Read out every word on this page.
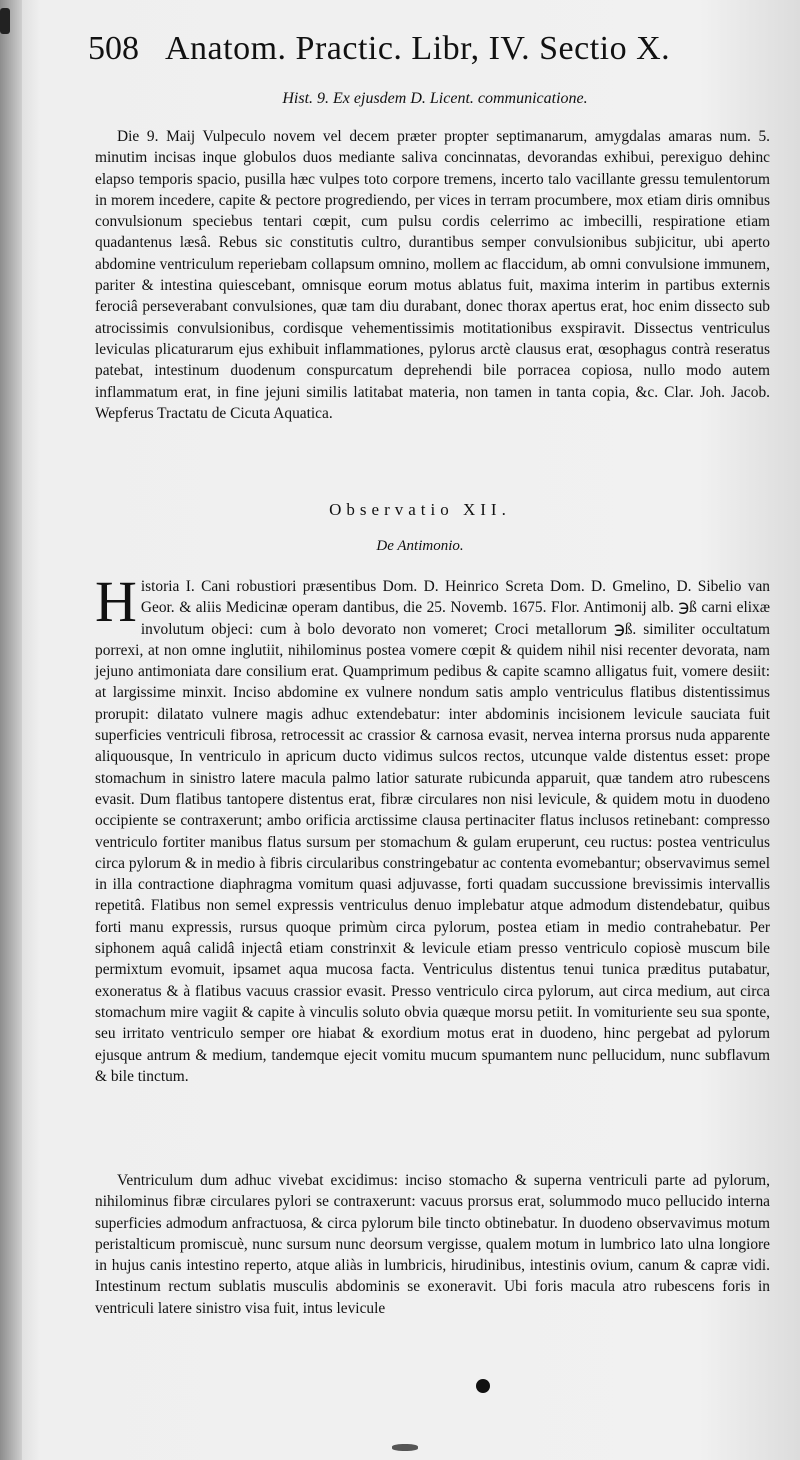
508 Anatom. Practic. Libr, IV. Sectio X.
Hist. 9. Ex ejusdem D. Licent. communicatione.
Die 9. Maij Vulpeculo novem vel decem præter propter septimanarum, amygdalas amaras num. 5. minutim incisas inque globulos duos mediante saliva concinnatas, devorandas exhibui, perexiguo dehinc elapso temporis spacio, pusilla hæc vulpes toto corpore tremens, incerto talo vacillante gressu temulentorum in morem incedere, capite & pectore progrediendo, per vices in terram procumbere, mox etiam diris omnibus convulsionum speciebus tentari cœpit, cum pulsu cordis celerrimo ac imbecilli, respiratione etiam quadantenus læsâ. Rebus sic constitutis cultro, durantibus semper convulsionibus subjicitur, ubi aperto abdomine ventriculum reperiebam collapsum omnino, mollem ac flaccidum, ab omni convulsione immunem, pariter & intestina quiescebant, omnisque eorum motus ablatus fuit, maxima interim in partibus externis ferociâ perseverabant convulsiones, quæ tam diu durabant, donec thorax apertus erat, hoc enim dissecto sub atrocissimis convulsionibus, cordisque vehementissimis motitationibus exspiravit. Dissectus ventriculus leviculas plicaturarum ejus exhibuit inflammationes, pylorus arctè clausus erat, œsophagus contrà reseratus patebat, intestinum duodenum conspurcatum deprehendi bile porracea copiosa, nullo modo autem inflammatum erat, in fine jejuni similis latitabat materia, non tamen in tanta copia, &c. Clar. Joh. Jacob. Wepferus Tractatu de Cicuta Aquatica.
Observatio XII.
De Antimonio.
H istoria I. Cani robustiori præsentibus Dom. D. Heinrico Screta Dom. D. Gmelino, D. Sibelio van Geor. & aliis Medicinæ operam dantibus, die 25. Novemb. 1675. Flor. Antimonij alb. ℈ß carni elixæ involutum objeci: cum à bolo devorato non vomeret; Croci metallorum ℈ß. similiter occultatum porrexi, at non omne inglutiit, nihilominus postea vomere cœpit & quidem nihil nisi recenter devorata, nam jejuno antimoniata dare consilium erat. Quamprimum pedibus & capite scamno alligatus fuit, vomere desiit: at largissime minxit. Inciso abdomine ex vulnere nondum satis amplo ventriculus flatibus distentissimus prorupit: dilatato vulnere magis adhuc extendebatur: inter abdominis incisionem levicule sauciata fuit superficies ventriculi fibrosa, retrocessit ac crassior & carnosa evasit, nervea interna prorsus nuda apparente aliquousque, In ventriculo in apricum ducto vidimus sulcos rectos, utcunque valde distentus esset: prope stomachum in sinistro latere macula palmo latior saturate rubicunda apparuit, quæ tandem atro rubescens evasit. Dum flatibus tantopere distentus erat, fibræ circulares non nisi levicule, & quidem motu in duodeno occipiente se contraxerunt; ambo orificia arctissime clausa pertinaciter flatus inclusos retinebant: compresso ventriculo fortiter manibus flatus sursum per stomachum & gulam eruperunt, ceu ructus: postea ventriculus circa pylorum & in medio à fibris circularibus constringebatur ac contenta evomebantur; observavimus semel in illa contractione diaphragma vomitum quasi adjuvasse, forti quadam succussione brevissimis intervallis repetitâ. Flatibus non semel expressis ventriculus denuo implebatur atque admodum distendebatur, quibus forti manu expressis, rursus quoque primùm circa pylorum, postea etiam in medio contrahebatur. Per siphonem aquâ calidâ injectâ etiam constrinxit & levicule etiam presso ventriculo copiosè muscum bile permixtum evomuit, ipsamet aqua mucosa facta. Ventriculus distentus tenui tunica præditus putabatur, exoneratus & à flatibus vacuus crassior evasit. Presso ventriculo circa pylorum, aut circa medium, aut circa stomachum mire vagiit & capite à vinculis soluto obvia quæque morsu petiit. In vomituriente seu sua sponte, seu irritato ventriculo semper ore hiabat & exordium motus erat in duodeno, hinc pergebat ad pylorum ejusque antrum & medium, tandemque ejecit vomitu mucum spumantem nunc pellucidum, nunc subflavum & bile tinctum.
Ventriculum dum adhuc vivebat excidimus: inciso stomacho & superna ventriculi parte ad pylorum, nihilominus fibræ circulares pylori se contraxerunt: vacuus prorsus erat, solummodo muco pellucido interna superficies admodum anfractuosa, & circa pylorum bile tincto obtinebatur. In duodeno observavimus motum peristalticum promiscuè, nunc sursum nunc deorsum vergisse, qualem motum in lumbrico lato ulna longiore in hujus canis intestino reperto, atque aliàs in lumbricis, hirudinibus, intestinis ovium, canum & capræ vidi. Intestinum rectum sublatis musculis abdominis se exoneravit. Ubi foris macula atro rubescens foris in ventriculi latere sinistro visa fuit, intus levicule
